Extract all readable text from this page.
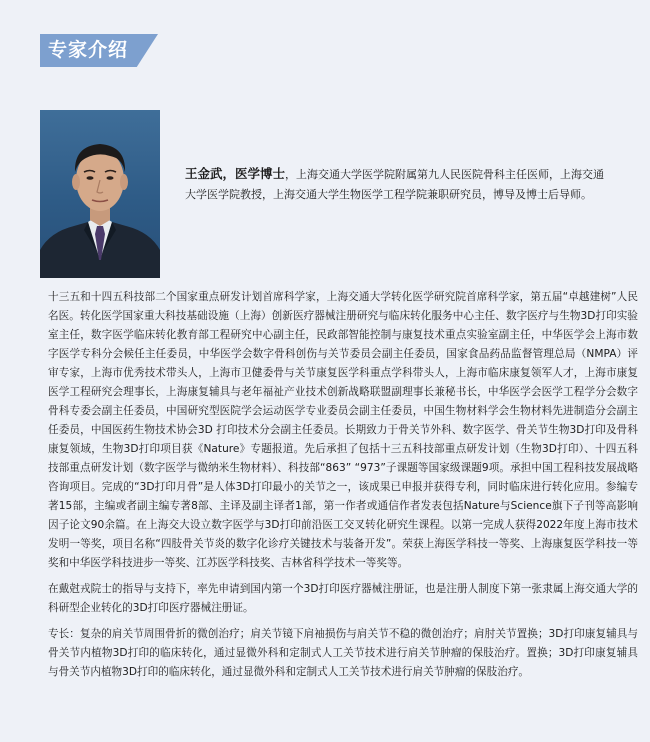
专家介绍
王金武，医学博士，上海交通大学医学院附属第九人民医院骨科主任医师，上海交通大学医学院教授，上海交通大学生物医学工程学院兼职研究员，博导及博士后导师。

十三五和十四五科技部二个国家重点研发计划首席科学家，上海交通大学转化医学研究院首席科学家，第五届“卓越建树”人民名医。转化医学国家重大科技基础设施（上海）创新医疗器械注册研究与临床转化服务中心主任、数字医疗与生物3D打印实验室主任，数字医学临床转化教育部工程研究中心副主任，民政部智能控制与康复技术重点实验室副主任，中华医学会上海市数字医学专科分会候任主任委员，中华医学会数字骨科创伤与关节委员会副主任委员，国家食品药品监督管理总局（NMPA）评审专家，上海市优秀技术带头人，上海市卫健委骨与关节康复医学科重点学科带头人，上海市临床康复领军人才，上海市康复医学工程研究会理事长，上海康复辅具与老年福祉产业技术创新战略联盟副理事长兼秘书长，中华医学会医学工程学分会数字骨科专委会副主任委员，中国研究型医院学会运动医学专业委员会副主任委员，中国生物材料学会生物材料先进制造分会副主任委员，中国医药生物技术协会3D 打印技术分会副主任委员。长期致力于骨关节外科、数字医学、骨关节生物3D打印及骨科康复领域，生物3D打印项目获《Nature》专题报道。先后承担了包括十三五科技部重点研发计划（生物3D打印）、十四五科技部重点研发计划（数字医学与微纳米生物材料）、科技部“863” “973”子课题等国家级课题9项。承担中国工程科技发展战略咨询项目。完成的“3D打印月骨”是人体3D打印最小的关节之一，该成果已申报并获得专利，同时临床进行转化应用。参编专著15部，主编或者副主编专著8部、主译及副主译者1部，第一作者或通信作者发表包括Nature与Science旗下子刊等高影响因子论文90余篇。在上海交大设立数字医学与3D打印前沿医工交叉转化研究生课程。以第一完成人获得2022年度上海市技术发明一等奖，项目名称“四肢骨关节炎的数字化诊疗关键技术与装备开发”。荣获上海医学科技一等奖、上海康复医学科技一等奖和中华医学科技进步一等奖、江苏医学科技奖、吉林省科学技术一等奖等。

在戴尅戎院士的指导与支持下，率先申请到国内第一个3D打印医疗器械注册证，也是注册人制度下第一张隶属上海交通大学的科研型企业转化的3D打印医疗器械注册证。

专长：复杂的肩关节周围骨折的微创治疗；肩关节镜下肩袖损伤与肩关节不稳的微创治疗；肩肘关节置换；3D打印康复辅具与骨关节内植物3D打印的临床转化，通过显微外科和定制式人工关节技术进行肩关节肿瘤的保肢治疗。置换；3D打印康复辅具与骨关节内植物3D打印的临床转化，通过显微外科和定制式人工关节技术进行肩关节肿瘤的保肢治疗。
